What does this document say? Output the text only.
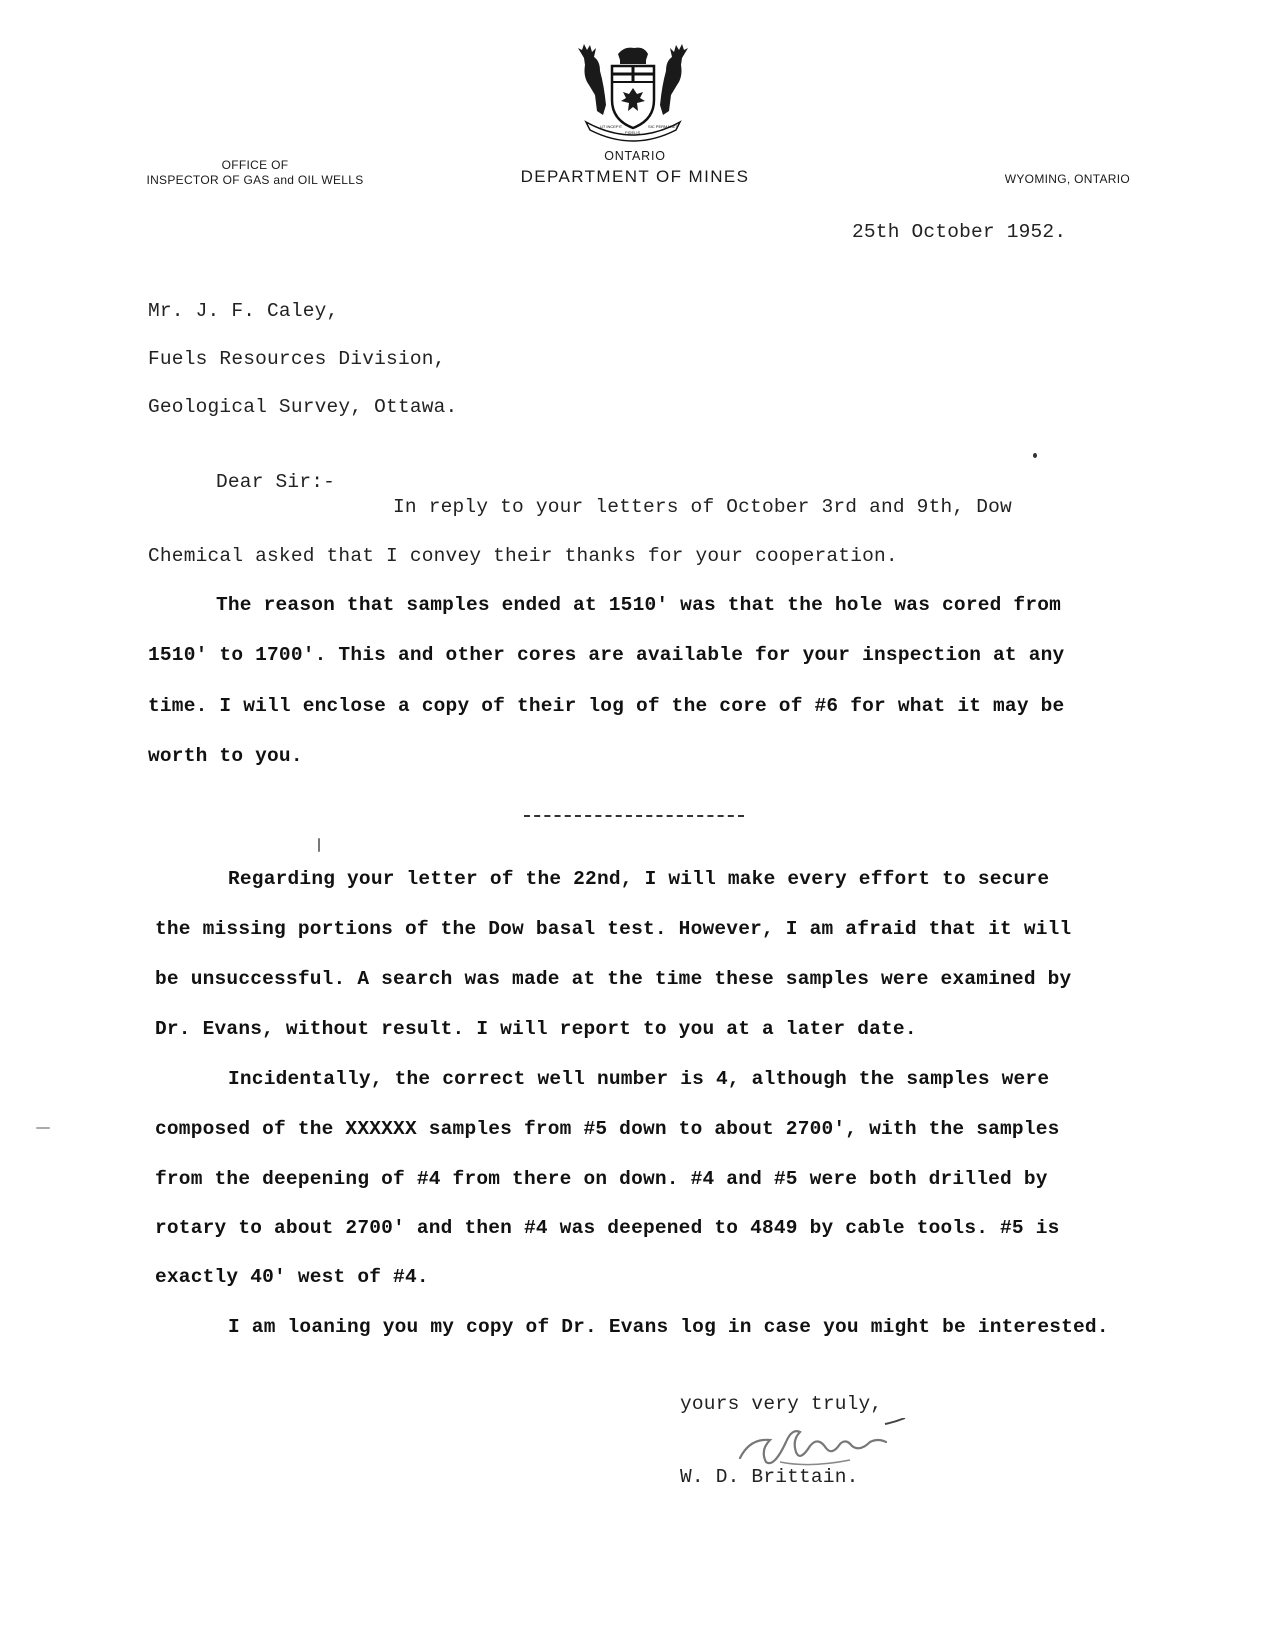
UT INCEPIT
FIDELIS
SIC PERMANET
OFFICE OF
INSPECTOR OF GAS and OIL WELLS
ONTARIO
DEPARTMENT OF MINES	WYOMING, ONTARIO
25th October 1952.
Mr. J. F. Caley,
Fuels Resources Division,
Geological Survey, Ottawa.
Dear Sir:-
In reply to your letters of October 3rd and 9th, Dow
Chemical asked that I convey their thanks for your cooperation.
The reason that samples ended at 1510' was that the hole was cored from
1510' to 1700'. This and other cores are available for your inspection at any
time. I will enclose a copy of their log of the core of #6 for what it may be
worth to you.
Regarding your letter of the 22nd, I will make every effort to secure
the missing portions of the Dow basal test. However, I am afraid that it will
be unsuccessful. A search was made at the time these samples were examined by
Dr. Evans, without result. I will report to you at a later date.
Incidentally, the correct well number is 4, although the samples were
composed of the XXXXXX samples from #5 down to about 2700', with the samples
from the deepening of #4 from there on down. #4 and #5 were both drilled by
rotary to about 2700' and then #4 was deepened to 4849 by cable tools. #5 is
exactly 40' west of #4.
I am loaning you my copy of Dr. Evans log in case you might be interested.
yours very truly,
W. D. Brittain.
